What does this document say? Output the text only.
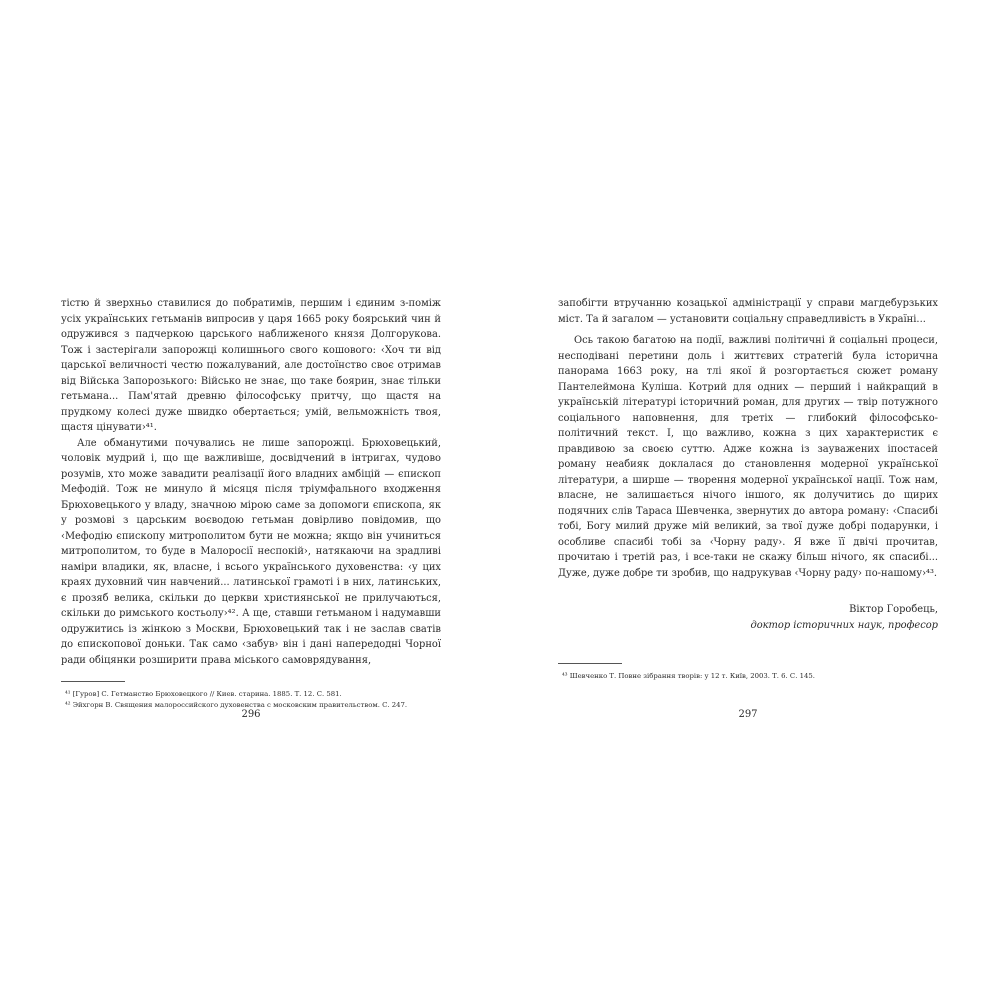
тістю й зверхньо ставилися до побратимів, першим і єдиним з-поміж усіх українських гетьманів випросив у царя 1665 року боярський чин й одружився з падчеркою царського наближеного князя Долгорукова. Тож і застерігали запорожці колишнього свого кошового: ‹Хоч ти від царської величності честю пожалуваний, але достоїнство своє отримав від Війська Запорозького: Військо не знає, що таке боярин, знає тільки гетьмана... Пам'ятай древню філософську притчу, що щастя на прудкому колесі дуже швидко обертається; умій, вельможність твоя, щастя цінувати›⁴¹.

Але обманутими почувались не лише запорожці. Брюховецький, чоловік мудрий і, що ще важливіше, досвідчений в інтригах, чудово розумів, хто може завадити реалізації його владних амбіцій — єпископ Мефодій. Тож не минуло й місяця після тріумфального входження Брюховецького у владу, значною мірою саме за допомоги єпископа, як у розмові з царським воєводою гетьман довірливо повідомив, що ‹Мефодію єпископу митрополитом бути не можна; якщо він учиниться митрополитом, то буде в Малоросії неспокій›, натякаючи на зрадливі наміри владики, як, власне, і всього українського духовенства: ‹у цих краях духовний чин навчений... латинської грамоті і в них, латинських, є прозяб велика, скільки до церкви християнської не прилучаються, скільки до римського костьолу›⁴². А ще, ставши гетьманом і надумавши одружитись із жінкою з Москви, Брюховецький так і не заслав сватів до єпископової доньки. Так само ‹забув› він і дані напередодні Чорної ради обіцянки розширити права міського самоврядування,

⁴¹ [Гуров] С. Гетманство Брюховецкого // Киев. старина. 1885. Т. 12. С. 581.

⁴² Эйхгорн В. Священия малороссийского духовенства с московским правительством. С. 247.

296

запобігти втручанню козацької адміністрації у справи магдебурзьких міст. Та й загалом — установити соціальну справедливість в Україні...

Ось такою багатою на події, важливі політичні й соціальні процеси, несподівані перетини доль і життєвих стратегій була історична панорама 1663 року, на тлі якої й розгортається сюжет роману Пантелеймона Куліша. Котрий для одних — перший і найкращий в українській літературі історичний роман, для других — твір потужного соціального наповнення, для третіх — глибокий філософсько-політичний текст. І, що важливо, кожна з цих характеристик є правдивою за своєю суттю. Адже кожна із зауважених іпостасей роману неабияк доклалася до становлення модерної української літератури, а ширше — творення модерної української нації. Тож нам, власне, не залишається нічого іншого, як долучитись до щирих подячних слів Тараса Шевченка, звернутих до автора роману: ‹Спасибі тобі, Богу милий друже мій великий, за твої дуже добрі подарунки, і особливе спасибі тобі за ‹Чорну раду›. Я вже її двічі прочитав, прочитаю і третій раз, і все-таки не скажу більш нічого, як спасибі... Дуже, дуже добре ти зробив, що надрукував ‹Чорну раду› по-нашому›⁴³.

Віктор Горобець,
доктор історичних наук, професор

⁴³ Шевченко Т. Повне зібрання творів: у 12 т. Київ, 2003. Т. 6. С. 145.

297
